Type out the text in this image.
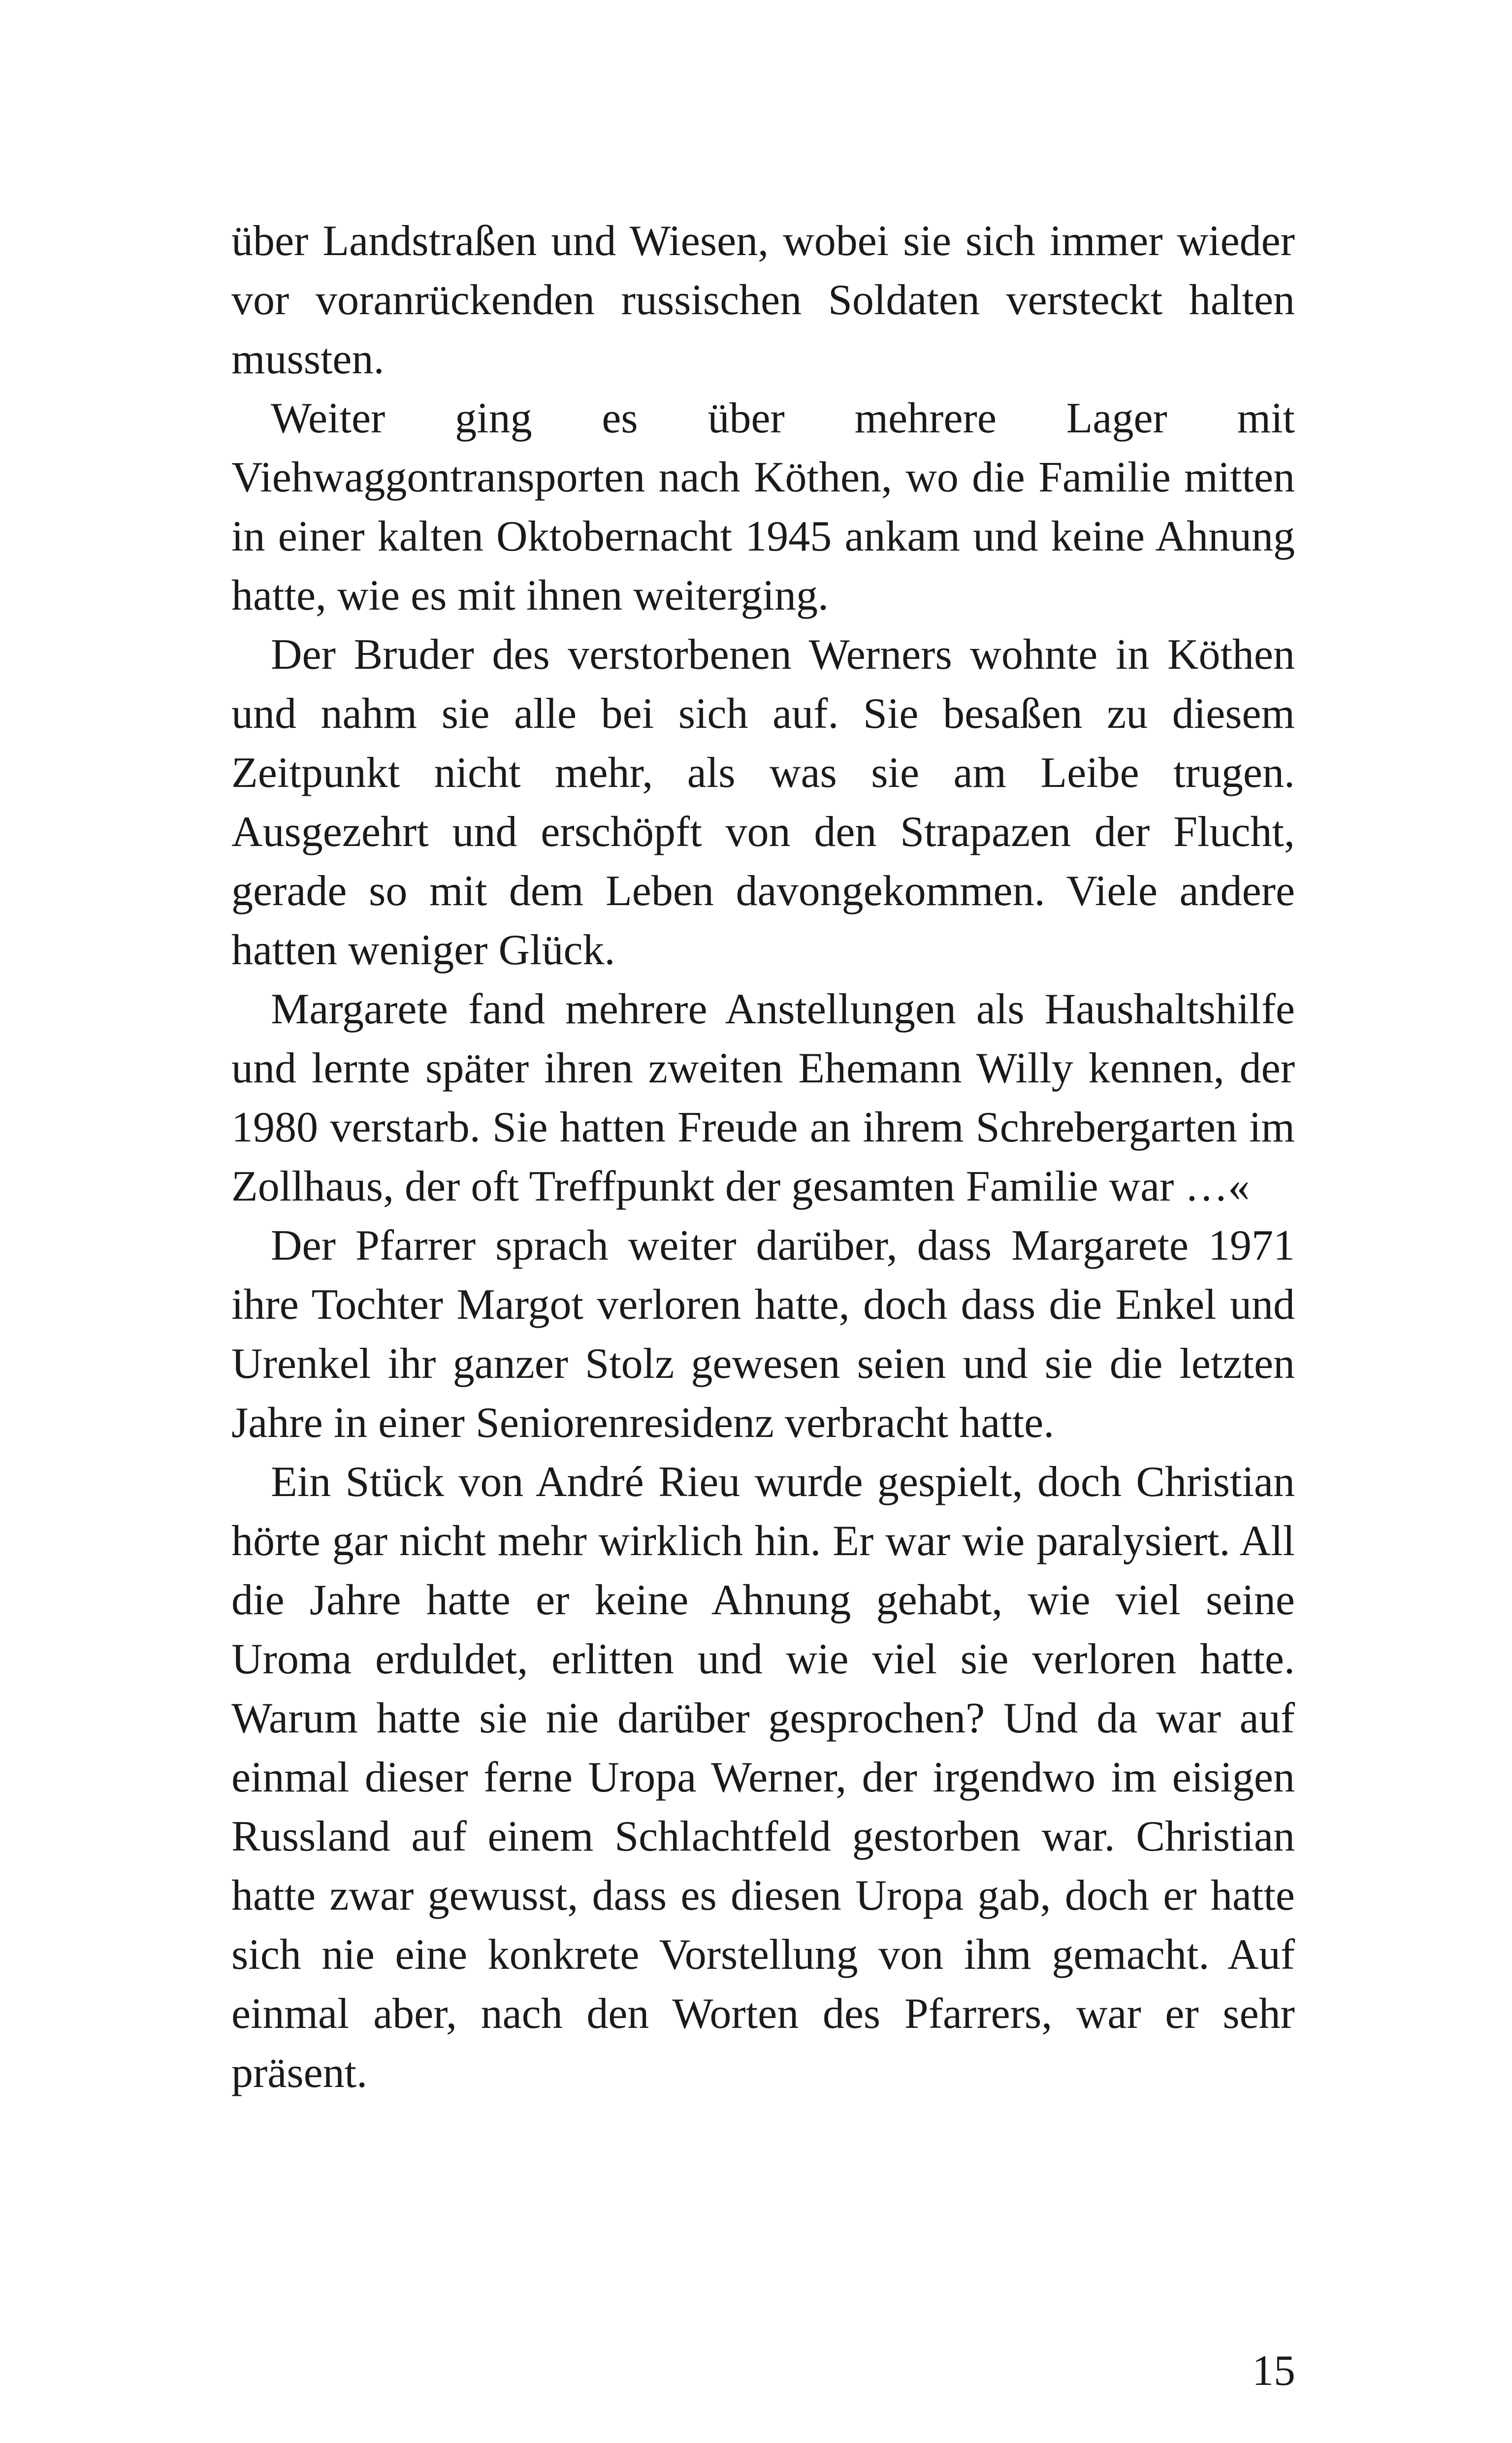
über Landstraßen und Wiesen, wobei sie sich immer wieder vor voranrückenden russischen Soldaten versteckt halten mussten.

Weiter ging es über mehrere Lager mit Viehwaggontransporten nach Köthen, wo die Familie mitten in einer kalten Oktobernacht 1945 ankam und keine Ahnung hatte, wie es mit ihnen weiterging.

Der Bruder des verstorbenen Werners wohnte in Köthen und nahm sie alle bei sich auf. Sie besaßen zu diesem Zeitpunkt nicht mehr, als was sie am Leibe trugen. Ausgezehrt und erschöpft von den Strapazen der Flucht, gerade so mit dem Leben davongekommen. Viele andere hatten weniger Glück.

Margarete fand mehrere Anstellungen als Haushaltshilfe und lernte später ihren zweiten Ehemann Willy kennen, der 1980 verstarb. Sie hatten Freude an ihrem Schrebergarten im Zollhaus, der oft Treffpunkt der gesamten Familie war …«

Der Pfarrer sprach weiter darüber, dass Margarete 1971 ihre Tochter Margot verloren hatte, doch dass die Enkel und Urenkel ihr ganzer Stolz gewesen seien und sie die letzten Jahre in einer Seniorenresidenz verbracht hatte.

Ein Stück von André Rieu wurde gespielt, doch Christian hörte gar nicht mehr wirklich hin. Er war wie paralysiert. All die Jahre hatte er keine Ahnung gehabt, wie viel seine Uroma erduldet, erlitten und wie viel sie verloren hatte. Warum hatte sie nie darüber gesprochen? Und da war auf einmal dieser ferne Uropa Werner, der irgendwo im eisigen Russland auf einem Schlachtfeld gestorben war. Christian hatte zwar gewusst, dass es diesen Uropa gab, doch er hatte sich nie eine konkrete Vorstellung von ihm gemacht. Auf einmal aber, nach den Worten des Pfarrers, war er sehr präsent.

15
